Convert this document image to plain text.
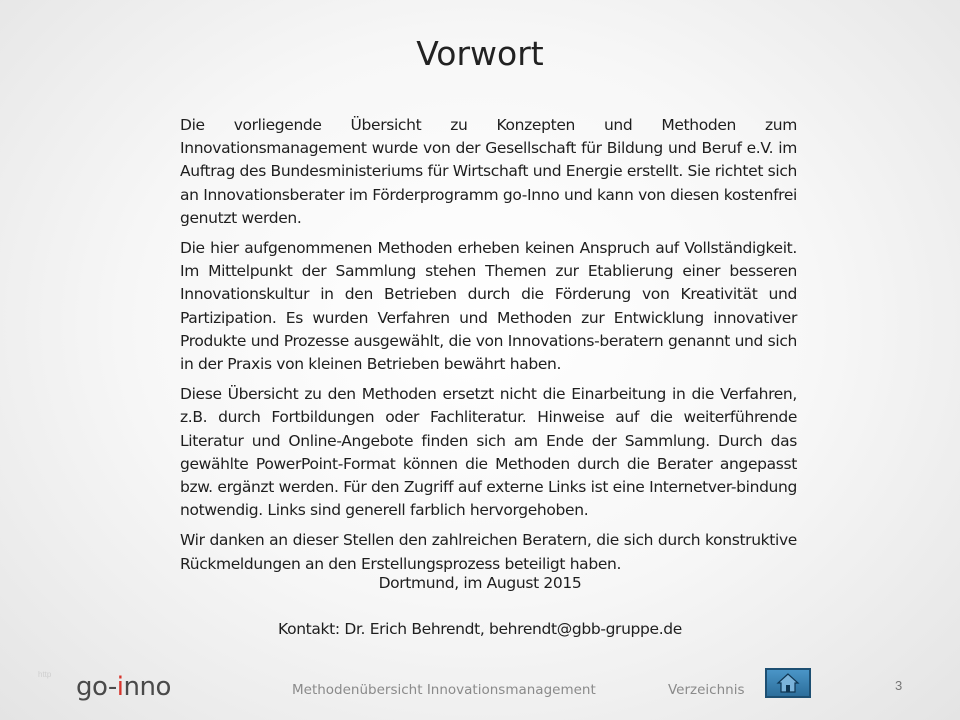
Vorwort

Die vorliegende Übersicht zu Konzepten und Methoden zum Innovationsmanagement wurde von der Gesellschaft für Bildung und Beruf e.V. im Auftrag des Bundesministeriums für Wirtschaft und Energie erstellt. Sie richtet sich an Innovationsberater im Förderprogramm go-Inno und kann von diesen kostenfrei genutzt werden.

Die hier aufgenommenen Methoden erheben keinen Anspruch auf Vollständigkeit. Im Mittelpunkt der Sammlung stehen Themen zur Etablierung einer besseren Innovationskultur in den Betrieben durch die Förderung von Kreativität und Partizipation. Es wurden Verfahren und Methoden zur Entwicklung innovativer Produkte und Prozesse ausgewählt, die von Innovations-beratern genannt und sich in der Praxis von kleinen Betrieben bewährt haben.

Diese Übersicht zu den Methoden ersetzt nicht die Einarbeitung in die Verfahren, z.B. durch Fortbildungen oder Fachliteratur. Hinweise auf die weiterführende Literatur und Online-Angebote finden sich am Ende der Sammlung. Durch das gewählte PowerPoint-Format können die Methoden durch die Berater angepasst bzw. ergänzt werden. Für den Zugriff auf externe Links ist eine Internetver-bindung notwendig. Links sind generell farblich hervorgehoben.

Wir danken an dieser Stellen den zahlreichen Beratern, die sich durch konstruktive Rückmeldungen an den Erstellungsprozess beteiligt haben.

Dortmund, im August 2015
Kontakt: Dr. Erich Behrendt, behrendt@gbb-gruppe.de
http go-inno	Methodenübersicht Innovationsmanagement	Verzeichnis	3
